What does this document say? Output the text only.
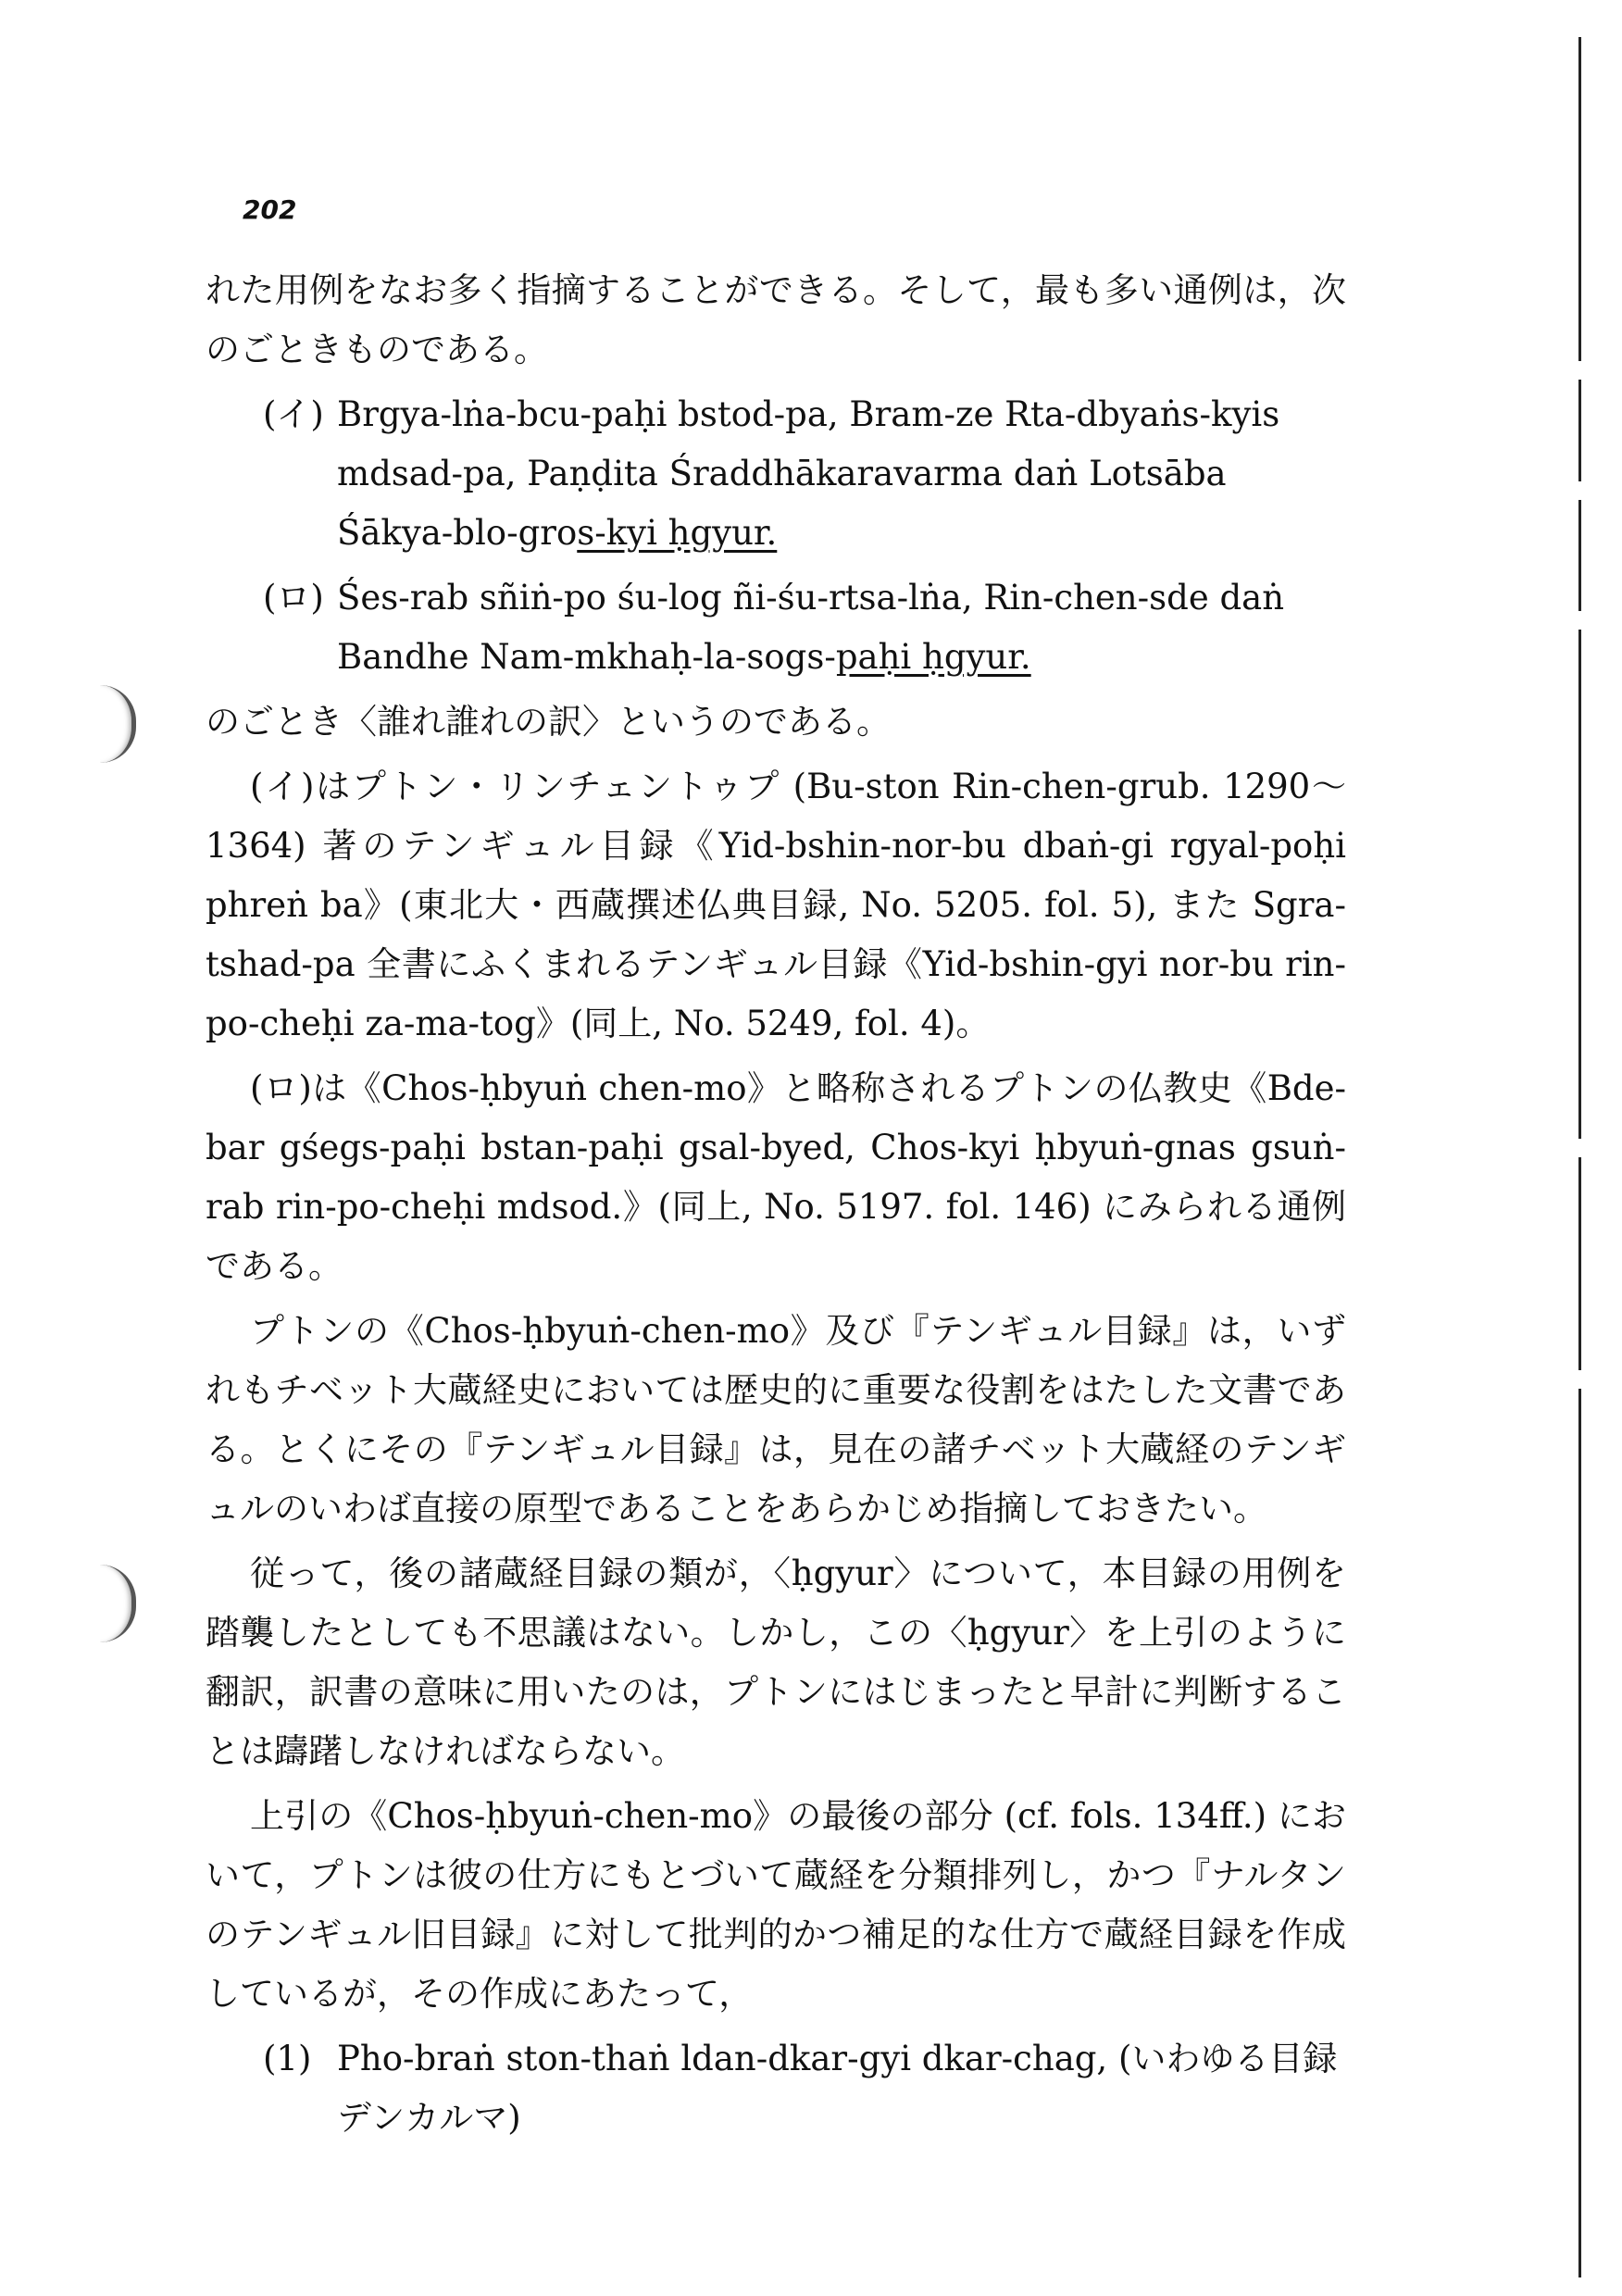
202

れた用例をなお多く指摘することができる。そして，最も多い通例は，次のごときものである。

(イ) Brgya-lṅa-bcu-paḥi bstod-pa, Bram-ze Rta-dbyaṅs-kyis mdsad-pa, Paṇḍita Śraddhākaravarma daṅ Lotsāba Śākya-blo-gros-kyi ḥgyur.
(ロ) Śes-rab sñiṅ-po śu-log ñi-śu-rtsa-lṅa, Rin-chen-sde daṅ Bandhe Nam-mkhaḥ-la-sogs-paḥi ḥgyur.

のごとき〈誰れ誰れの訳〉というのである。

(イ)はプトン・リンチェントゥプ (Bu-ston Rin-chen-grub. 1290〜1364) 著のテンギュル目録《Yid-bshin-nor-bu dbaṅ-gi rgyal-poḥi phreṅ ba》(東北大・西蔵撰述仏典目録, No. 5205. fol. 5), また Sgra-tshad-pa 全書にふくまれるテンギュル目録《Yid-bshin-gyi nor-bu rin-po-cheḥi za-ma-tog》(同上, No. 5249, fol. 4)。

(ロ)は《Chos-ḥbyuṅ chen-mo》と略称されるプトンの仏教史《Bde-bar gśegs-paḥi bstan-paḥi gsal-byed, Chos-kyi ḥbyuṅ-gnas gsuṅ-rab rin-po-cheḥi mdsod.》(同上, No. 5197. fol. 146) にみられる通例である。

プトンの《Chos-ḥbyuṅ-chen-mo》及び『テンギュル目録』は，いずれもチベット大蔵経史においては歴史的に重要な役割をはたした文書である。とくにその『テンギュル目録』は，見在の諸チベット大蔵経のテンギュルのいわば直接の原型であることをあらかじめ指摘しておきたい。

従って，後の諸蔵経目録の類が，〈ḥgyur〉について，本目録の用例を踏襲したとしても不思議はない。しかし，この〈ḥgyur〉を上引のように翻訳，訳書の意味に用いたのは，プトンにはじまったと早計に判断することは躊躇しなければならない。

上引の《Chos-ḥbyuṅ-chen-mo》の最後の部分 (cf. fols. 134ff.) において，プトンは彼の仕方にもとづいて蔵経を分類排列し，かつ『ナルタンのテンギュル旧目録』に対して批判的かつ補足的な仕方で蔵経目録を作成しているが，その作成にあたって，

(1) Pho-braṅ ston-thaṅ ldan-dkar-gyi dkar-chag, (いわゆる目録デンカルマ)
